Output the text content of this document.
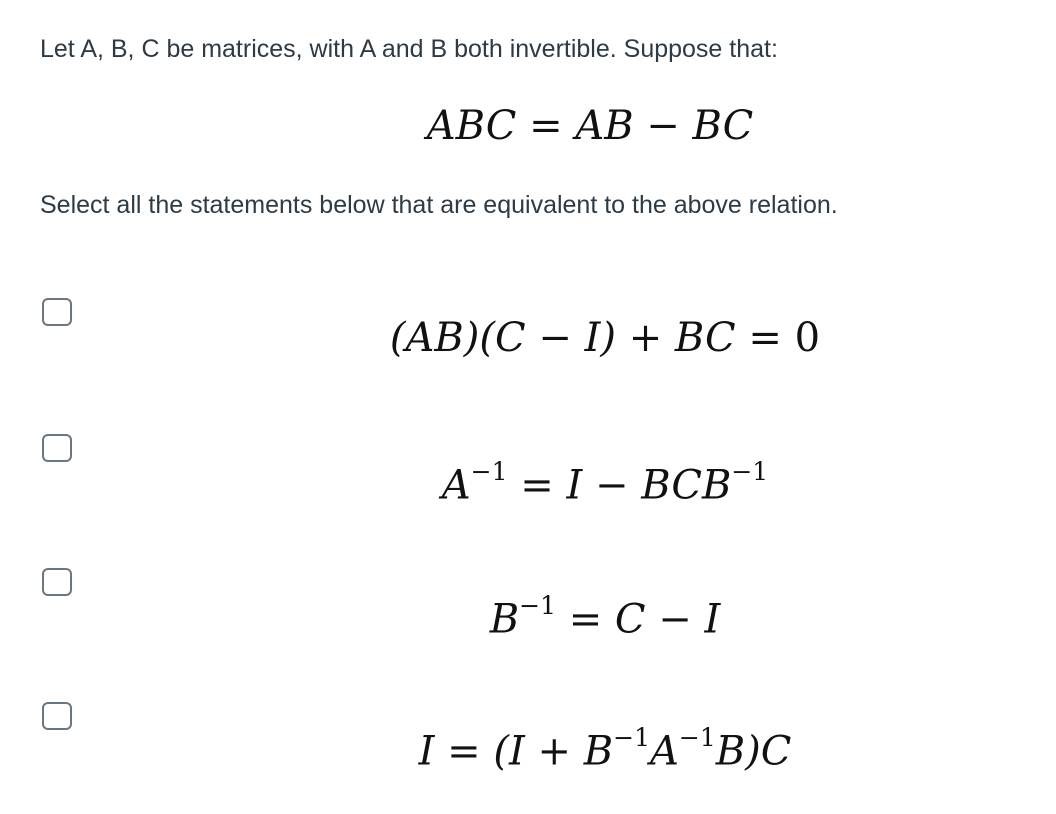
Let A, B, C be matrices, with A and B both invertible. Suppose that:
ABC = AB − BC
Select all the statements below that are equivalent to the above relation.
(AB)(C − I) + BC = 0
$A^{-1} = I - BCB^{-1}$
$B^{-1} = C - I$
$I = (I + B^{-1}A^{-1}B)C$
